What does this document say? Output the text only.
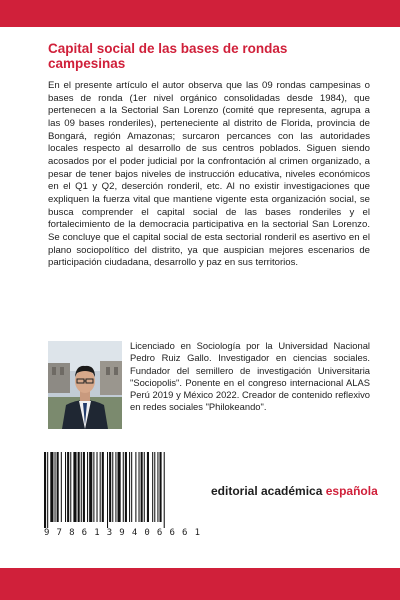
Capital social de las bases de rondas campesinas

En el presente artículo el autor observa que las 09 rondas campesinas o bases de ronda (1er nivel orgánico consolidadas desde 1984), que pertenecen a la Sectorial San Lorenzo (comité que representa, agrupa a las 09 bases ronderiles), perteneciente al distrito de Florida, provincia de Bongará, región Amazonas; surcaron percances con las autoridades locales respecto al desarrollo de sus centros poblados. Siguen siendo acosados por el poder judicial por la confrontación al crimen organizado, a pesar de tener bajos niveles de instrucción educativa, niveles económicos en el Q1 y Q2, deserción ronderil, etc. Al no existir investigaciones que expliquen la fuerza vital que mantiene vigente esta organización social, se busca comprender el capital social de las bases ronderiles y el fortalecimiento de la democracia participativa en la sectorial San Lorenzo. Se concluye que el capital social de esta sectorial ronderil es asertivo en el plano sociopolítico del distrito, ya que auspician mejores escenarios de participación ciudadana, desarrollo y paz en sus territorios.

Licenciado en Sociología por la Universidad Nacional Pedro Ruiz Gallo. Investigador en ciencias sociales. Fundador del semillero de investigación Universitaria "Sociopolis". Ponente en el congreso internacional ALAS Perú 2019 y México 2022. Creador de contenido reflexivo en redes sociales "Philokeando".

9 7 8 6 1 3 9 4 0 6 6 6 1
editorial académica española
